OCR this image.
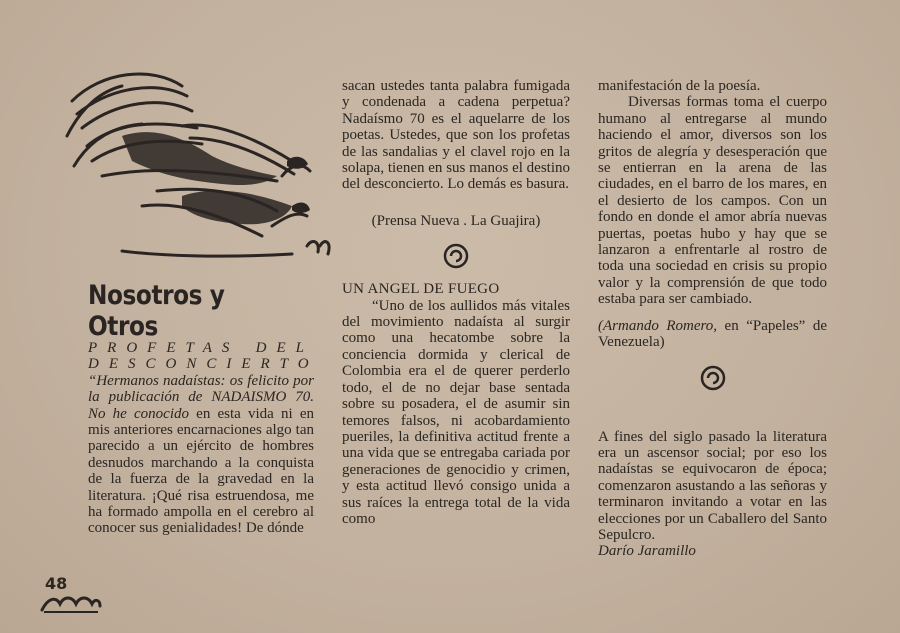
Nosotros y Otros

PROFETAS DEL DESCONCIERTO

“Hermanos nadaístas: os felicito por la publicación de NADAISMO 70. No he conocido en esta vida ni en mis anteriores encarnaciones algo tan parecido a un ejército de hombres desnudos marchando a la conquista de la fuerza de la gravedad en la literatura. ¡Qué risa estruendosa, me ha formado ampolla en el cerebro al conocer sus genialidades! De dónde

sacan ustedes tanta palabra fumigada y condenada a cadena perpetua? Nadaísmo 70 es el aquelarre de los poetas. Ustedes, que son los profetas de las sandalias y el clavel rojo en la solapa, tienen en sus manos el destino del desconcierto. Lo demás es basura.

(Prensa Nueva . La Guajira)

UN ANGEL DE FUEGO

“Uno de los aullidos más vitales del movimiento nadaísta al surgir como una hecatombe sobre la conciencia dormida y clerical de Colombia era el de querer perderlo todo, el de no dejar base sentada sobre su posadera, el de asumir sin temores falsos, ni acobardamiento pueriles, la definitiva actitud frente a una vida que se entregaba cariada por generaciones de genocidio y crimen, y esta actitud llevó consigo unida a sus raíces la entrega total de la vida como

manifestación de la poesía.

Diversas formas toma el cuerpo humano al entregarse al mundo haciendo el amor, diversos son los gritos de alegría y desesperación que se entierran en la arena de las ciudades, en el barro de los mares, en el desierto de los campos. Con un fondo en donde el amor abría nuevas puertas, poetas hubo y hay que se lanzaron a enfrentarle al rostro de toda una sociedad en crisis su propio valor y la comprensión de que todo estaba para ser cambiado.

(Armando Romero, en “Papeles” de Venezuela)

A fines del siglo pasado la literatura era un ascensor social; por eso los nadaístas se equivocaron de época; comenzaron asustando a las señoras y terminaron invitando a votar en las elecciones por un Caballero del Santo Sepulcro.

Darío Jaramillo

48
